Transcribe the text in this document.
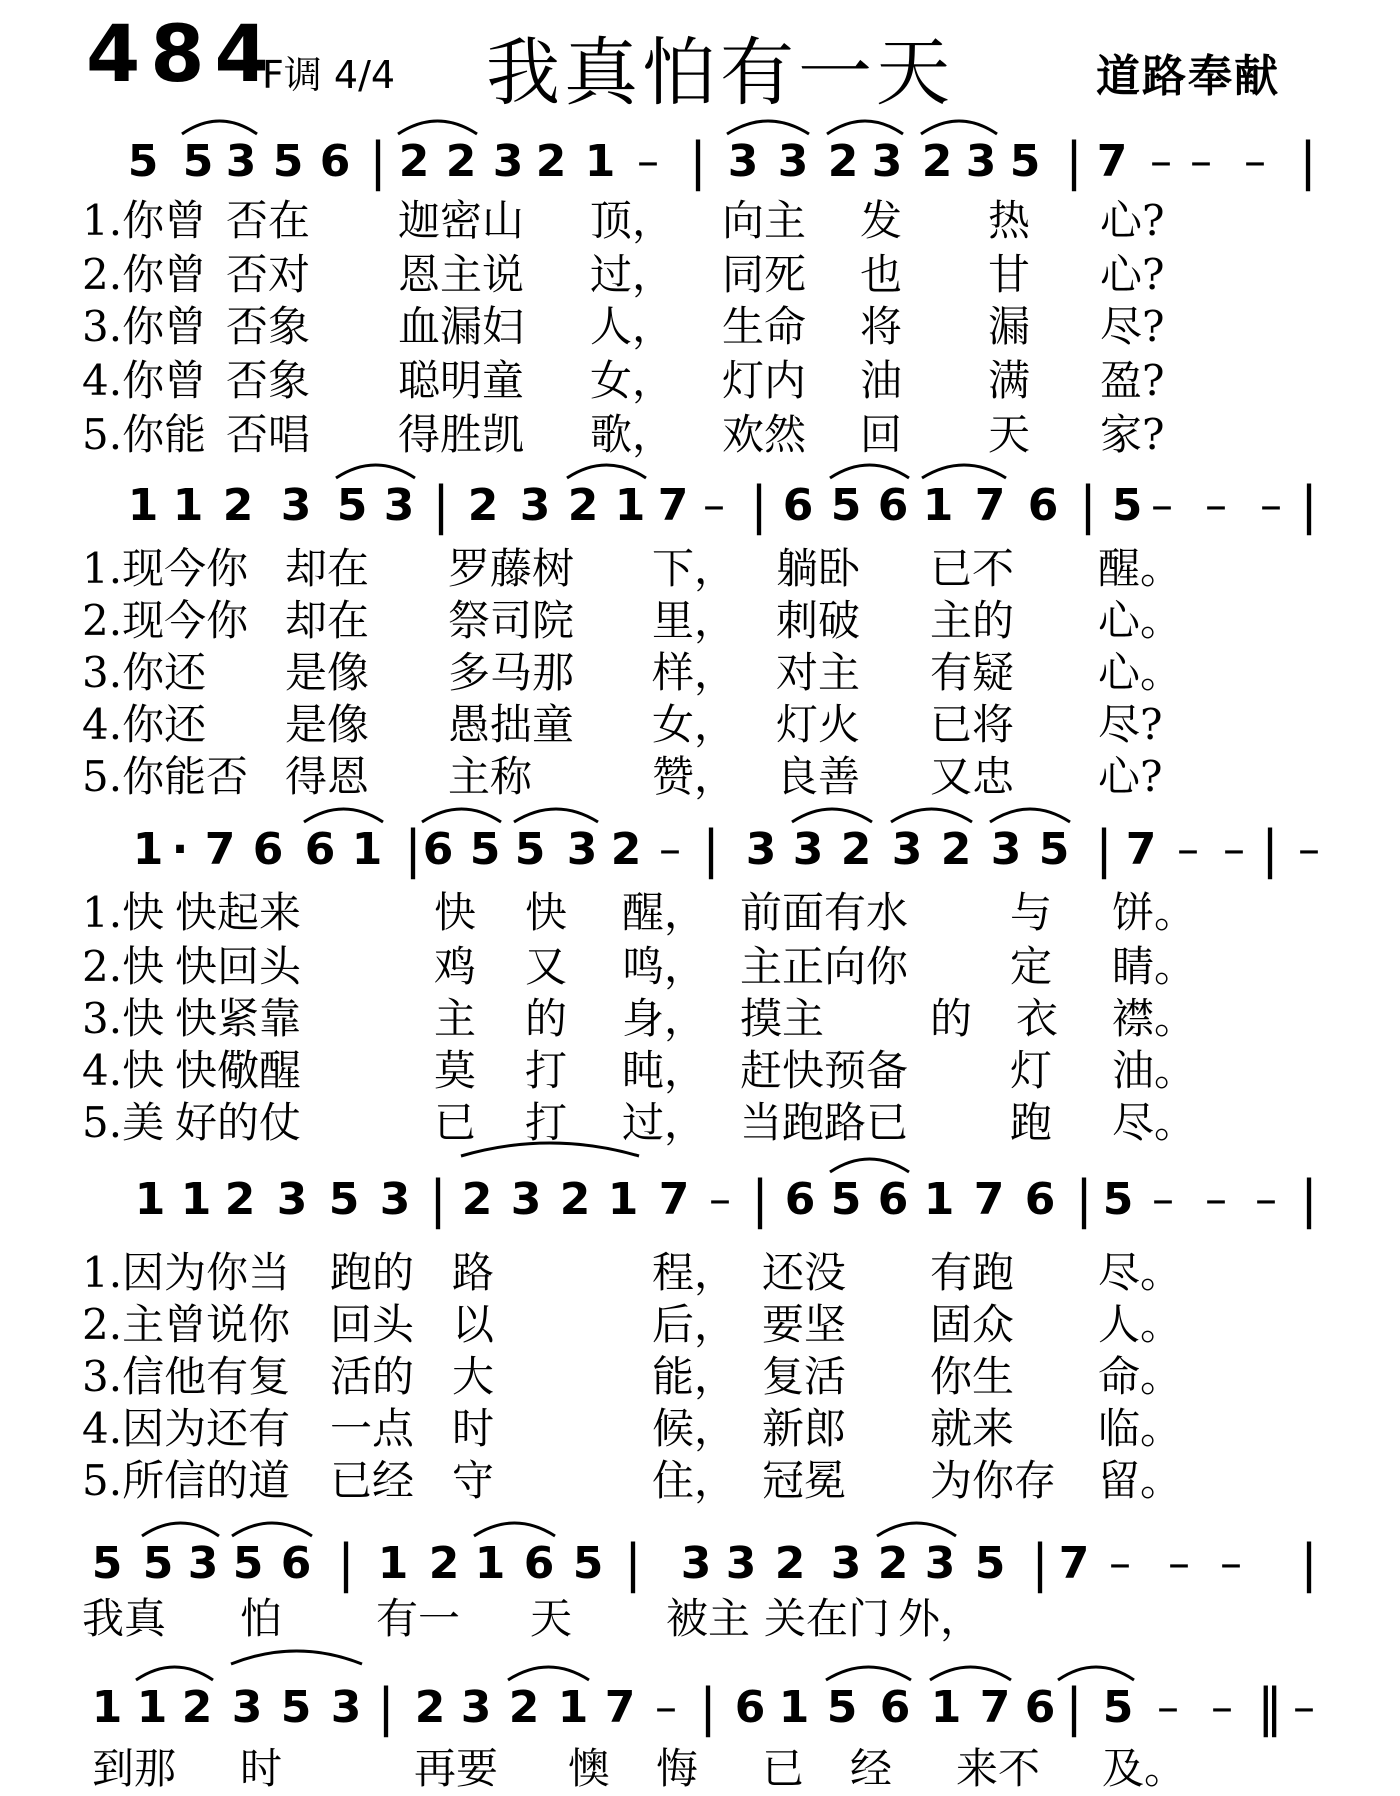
484
F调 4/4 我真怕有一天	道路奉献
5 5 3 5 6 | 2 2 3 2 1 – | 3 3 2 3 2 3 5 | 7 – – – |
1.你曾 否在 迦密山 顶， 向主 发 热 心?
2.你曾 否对 恩主说 过， 同死 也 甘 心?
3.你曾 否象 血漏妇 人， 生命 将 漏 尽?
4.你曾 否象 聪明童 女， 灯内 油 满 盈?
5.你能 否唱 得胜凯 歌， 欢然 回 天 家?
1 1 2 3 5 3 | 2 3 2 1 7 – | 6 5 6 1 7 6 | 5 – – – |
1.现今你 却在 罗藤树 下， 躺卧 已不 醒。
2.现今你 却在 祭司院 里， 刺破 主的 心。
3.你还 是像 多马那 样， 对主 有疑 心。
4.你还 是像 愚拙童 女， 灯火 已将 尽?
5.你能否 得恩 主称	赞， 良善 又忠 心?
1 · 7 6 6 1 | 6 5 5 3 2 – | 3 3 2 3 2 3 5 | 7 – – –
|
1.快 快起来	快 快 醒， 前面有水 与 饼。
2.快 快回头	鸡 又 鸣， 主正向你 定 睛。
3.快 快紧靠	主 的 身， 摸主	的 衣 襟。
4.快 快儆醒	莫 打 盹， 赶快预备 灯 油。
5.美 好的仗	已 打 过， 当跑路已 跑 尽。
1 1 2 3 5 3 | 2 3 2 1 7 – | 6 5 6 1 7 6 | 5 – – – |
1.因为你当 跑的 路	程， 还没 有跑 尽。
2.主曾说你 回头 以	后， 要坚 固众 人。
3.信他有复 活的 大	能， 复活 你生 命。
4.因为还有 一点 时	候， 新郎 就来 临。
5.所信的道 已经 守	住， 冠冕 为你存 留。
5 5 3 5 6 | 1 2 1 6 5 | 3 3 2 3 2 3 5 | 7 – – – |
我真 怕 有一 天 被主 关在门 外，
1 1 2 3 5 3 | 2 3 2 1 7 – | 6 1 5 6 1 7 6 | 5 – – –
‖
到那 时	再要 懊 悔 已 经 来不 及。
